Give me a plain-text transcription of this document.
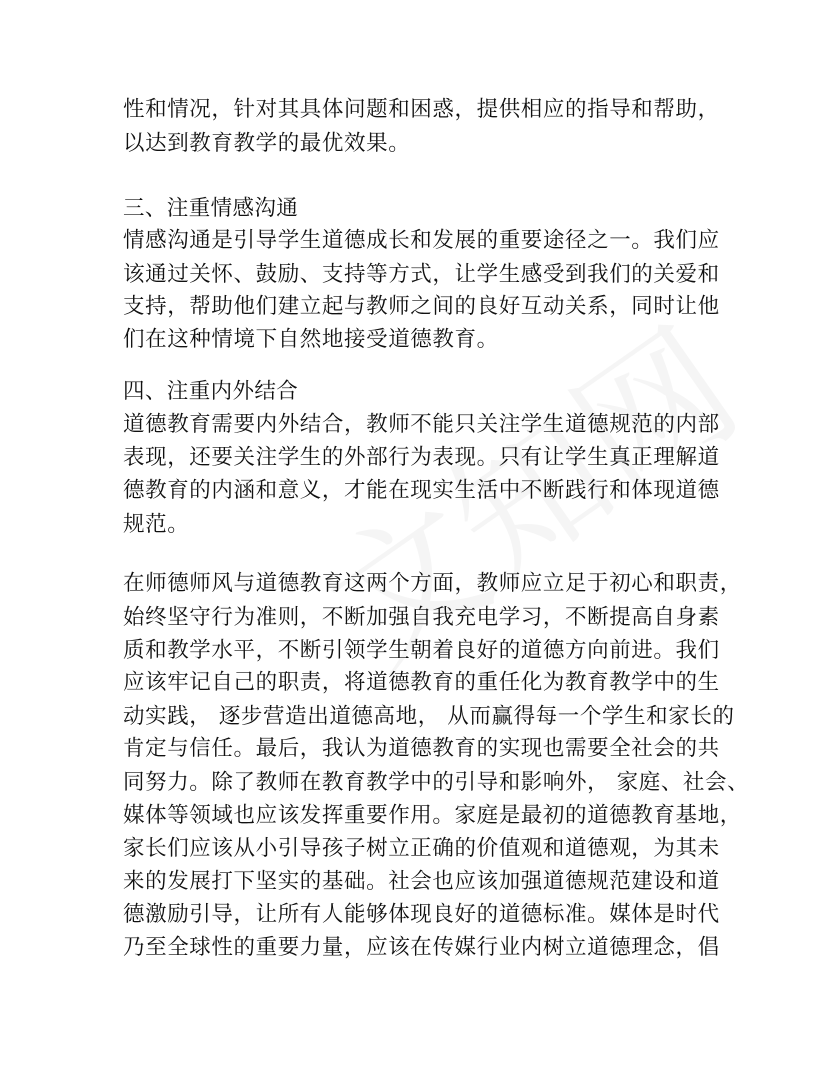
性和情况，针对其具体问题和困惑，提供相应的指导和帮助，
以达到教育教学的最优效果。
三、注重情感沟通
情感沟通是引导学生道德成长和发展的重要途径之一。我们应
该通过关怀、鼓励、支持等方式，让学生感受到我们的关爱和
支持，帮助他们建立起与教师之间的良好互动关系，同时让他
们在这种情境下自然地接受道德教育。
四、注重内外结合
道德教育需要内外结合，教师不能只关注学生道德规范的内部
表现，还要关注学生的外部行为表现。只有让学生真正理解道
德教育的内涵和意义，才能在现实生活中不断践行和体现道德
规范。
在师德师风与道德教育这两个方面，教师应立足于初心和职责，
始终坚守行为准则，不断加强自我充电学习，不断提高自身素
质和教学水平，不断引领学生朝着良好的道德方向前进。我们
应该牢记自己的职责，将道德教育的重任化为教育教学中的生
动实践， 逐步营造出道德高地， 从而赢得每一个学生和家长的
肯定与信任。最后，我认为道德教育的实现也需要全社会的共
同努力。除了教师在教育教学中的引导和影响外， 家庭、社会、
媒体等领域也应该发挥重要作用。家庭是最初的道德教育基地，
家长们应该从小引导孩子树立正确的价值观和道德观，为其未
来的发展打下坚实的基础。社会也应该加强道德规范建设和道
德激励引导，让所有人能够体现良好的道德标准。媒体是时代
乃至全球性的重要力量，应该在传媒行业内树立道德理念，倡
